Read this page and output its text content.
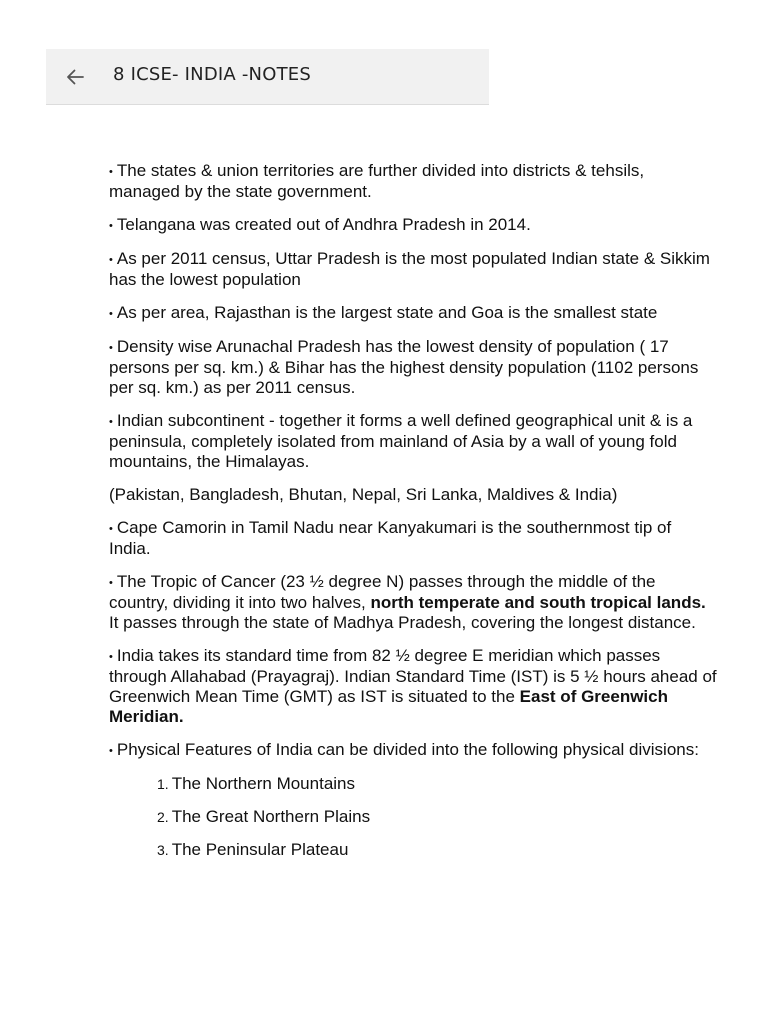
8 ICSE- INDIA -NOTES

• The states & union territories are further divided into districts & tehsils, managed by the state government.

• Telangana was created out of Andhra Pradesh in 2014.

• As per 2011 census, Uttar Pradesh is the most populated Indian state & Sikkim has the lowest population

• As per area, Rajasthan is the largest state and Goa is the smallest state

• Density wise Arunachal Pradesh has the lowest density of population ( 17 persons per sq. km.) & Bihar has the highest density population (1102 persons per sq. km.) as per 2011 census.

• Indian subcontinent - together it forms a well defined geographical unit & is a peninsula, completely isolated from mainland of Asia by a wall of young fold mountains, the Himalayas.

(Pakistan, Bangladesh, Bhutan, Nepal, Sri Lanka, Maldives & India)

• Cape Camorin in Tamil Nadu near Kanyakumari is the southernmost tip of India.

• The Tropic of Cancer (23 ½ degree N) passes through the middle of the country, dividing it into two halves, north temperate and south tropical lands. It passes through the state of Madhya Pradesh, covering the longest distance.

• India takes its standard time from 82 ½ degree E meridian which passes through Allahabad (Prayagraj). Indian Standard Time (IST) is 5 ½ hours ahead of Greenwich Mean Time (GMT) as IST is situated to the East of Greenwich Meridian.

• Physical Features of India can be divided into the following physical divisions:

1. The Northern Mountains
2. The Great Northern Plains
3. The Peninsular Plateau
